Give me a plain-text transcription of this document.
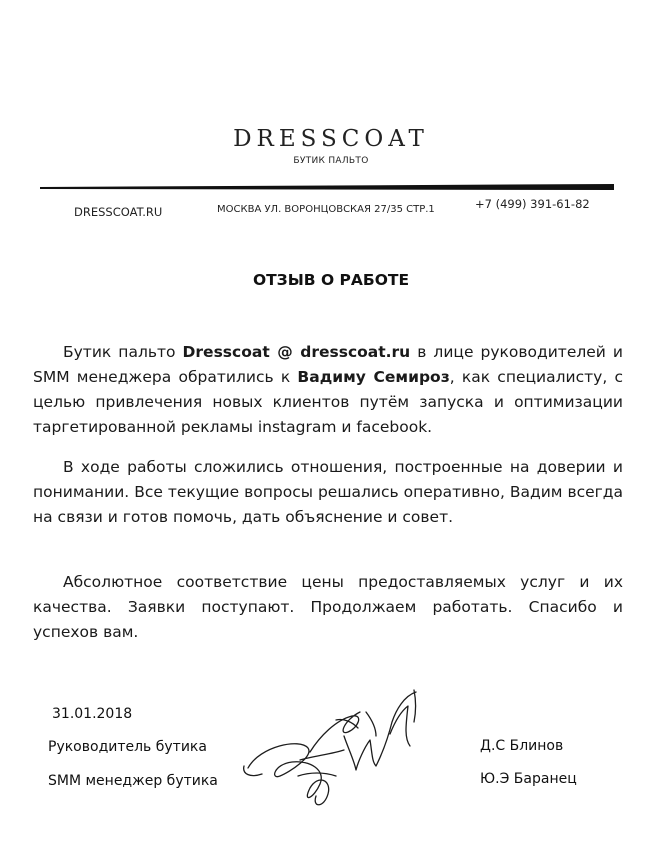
DRESSCOAT
БУТИК ПАЛЬТО
DRESSCOAT.RU	МОСКВА УЛ. ВОРОНЦОВСКАЯ 27/35 СТР.1	+7 (499) 391-61-82
ОТЗЫВ О РАБОТЕ
Бутик пальто Dresscoat @ dresscoat.ru в лице руководителей и SMM менеджера обратились к Вадиму Семироз, как специалисту, с целью привлечения новых клиентов путём запуска и оптимизации таргетированной рекламы instagram и facebook.
В ходе работы сложились отношения, построенные на доверии и понимании. Все текущие вопросы решались оперативно, Вадим всегда на связи и готов помочь, дать объяснение и совет.
Абсолютное соответствие цены предоставляемых услуг и их качества. Заявки поступают. Продолжаем работать. Спасибо и успехов вам.
31.01.2018
Руководитель бутика
SMM менеджер бутика
Д.С Блинов
Ю.Э Баранец
